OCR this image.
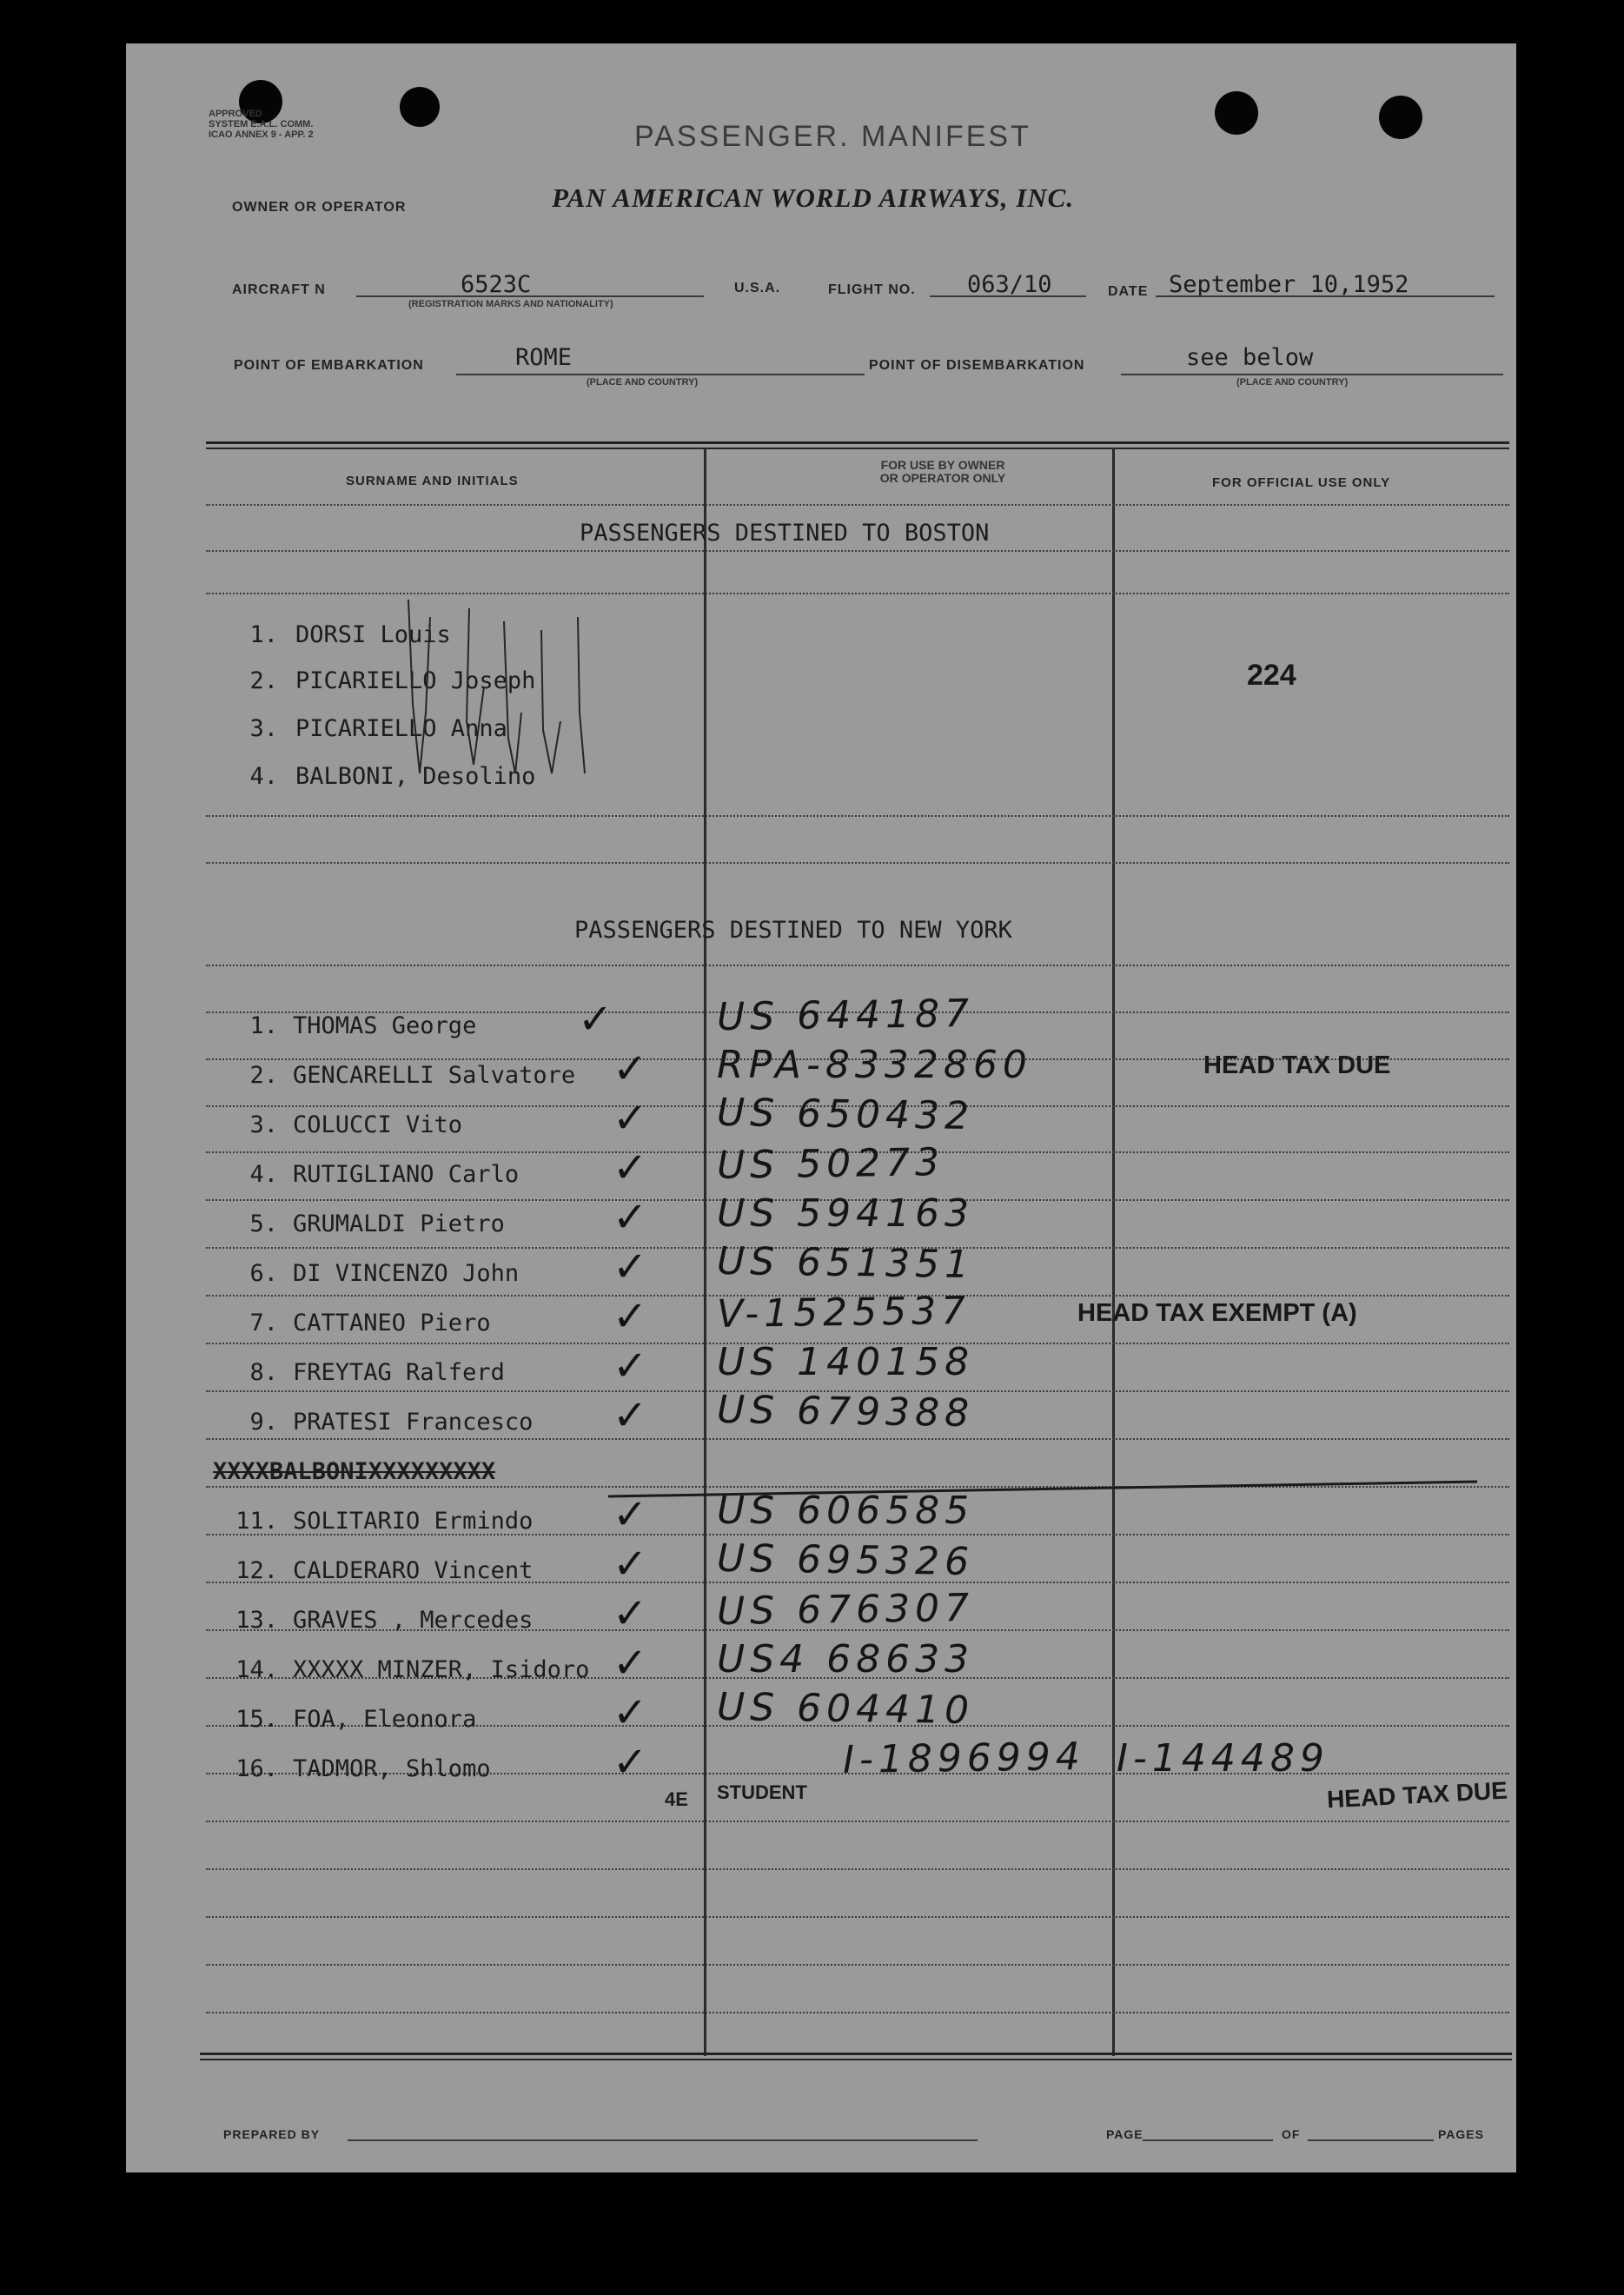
APPROVED
SYSTEM E.A.L. COMM.
ICAO ANNEX 9 - APP. 2	PASSENGER. MANIFEST
OWNER OR OPERATOR	PAN AMERICAN WORLD AIRWAYS, INC.
AIRCRAFT N	6523C
(REGISTRATION MARKS AND NATIONALITY)
U.S.A.	FLIGHT NO. 063/10	DATE September 10,1952
POINT OF EMBARKATION	ROME
(PLACE AND COUNTRY)
POINT OF DISEMBARKATION	see below
(PLACE AND COUNTRY)
SURNAME AND INITIALS
FOR USE BY OWNER
OR OPERATOR ONLY	FOR OFFICIAL USE ONLY
PASSENGERS DESTINED TO BOSTON
224
1. DORSI Louis
2. PICARIELLO Joseph
3. PICARIELLO Anna
4. BALBONI, Desolino
PASSENGERS DESTINED TO NEW YORK
1. THOMAS George ✓	US 644187
2. GENCARELLI Salvatore ✓ RPA-8332860	HEAD TAX DUE
3. COLUCCI Vito	✓ US 650432
4. RUTIGLIANO Carlo ✓ US 50273
5. GRUMALDI Pietro	✓ US 594163
6. DI VINCENZO John ✓ US 651351
7. CATTANEO Piero	✓ V-1525537	HEAD TAX EXEMPT (A)
8. FREYTAG Ralferd	✓ US 140158
9. PRATESI Francesco ✓ US 679388
XXXXBALBONIXXXXXXXXX
11. SOLITARIO Ermindo ✓ US 606585
12. CALDERARO Vincent ✓ US 695326
13. GRAVES , Mercedes ✓ US 676307
14. XXXXX MINZER, Isidoro ✓ US4 68633
15. FOA, Eleonora	✓ US 604410
16. TADMOR, Shlomo	✓	I-1896994 I-144489
4E STUDENT	HEAD TAX DUE
PREPARED BY	PAGE	OF	PAGES
